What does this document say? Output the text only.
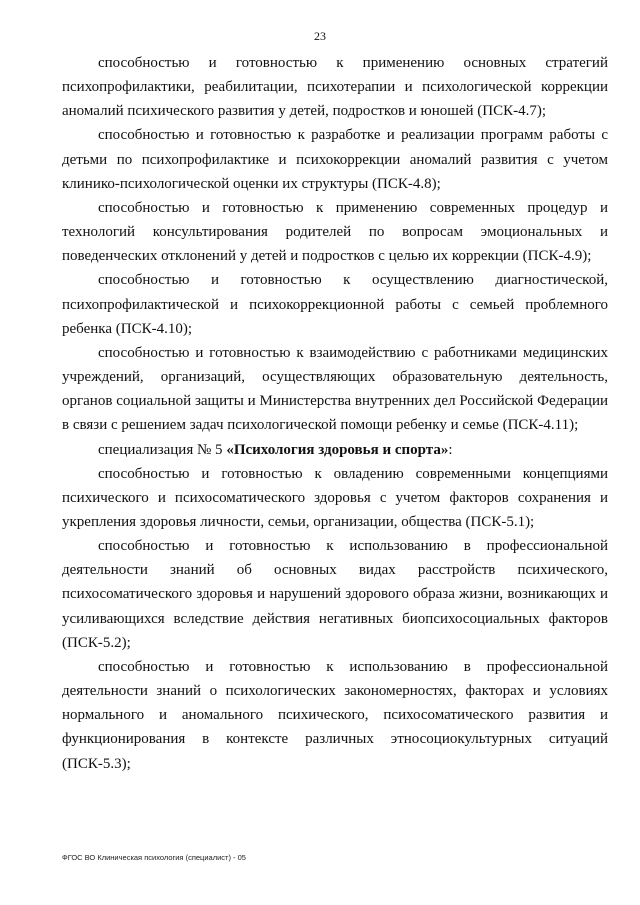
23

способностью и готовностью к применению основных стратегий психопрофилактики, реабилитации, психотерапии и психологической коррекции аномалий психического развития у детей, подростков и юношей (ПСК-4.7);

способностью и готовностью к разработке и реализации программ работы с детьми по психопрофилактике и психокоррекции аномалий развития с учетом клинико-психологической оценки их структуры (ПСК-4.8);

способностью и готовностью к применению современных процедур и технологий консультирования родителей по вопросам эмоциональных и поведенческих отклонений у детей и подростков с целью их коррекции (ПСК-4.9);

способностью и готовностью к осуществлению диагностической, психопрофилактической и психокоррекционной работы с семьей проблемного ребенка (ПСК-4.10);

способностью и готовностью к взаимодействию с работниками медицинских учреждений, организаций, осуществляющих образовательную деятельность, органов социальной защиты и Министерства внутренних дел Российской Федерации в связи с решением задач психологической помощи ребенку и семье (ПСК-4.11);

специализация № 5 «Психология здоровья и спорта»:

способностью и готовностью к овладению современными концепциями психического и психосоматического здоровья с учетом факторов сохранения и укрепления здоровья личности, семьи, организации, общества (ПСК-5.1);

способностью и готовностью к использованию в профессиональной деятельности знаний об основных видах расстройств психического, психосоматического здоровья и нарушений здорового образа жизни, возникающих и усиливающихся вследствие действия негативных биопсихосоциальных факторов (ПСК-5.2);

способностью и готовностью к использованию в профессиональной деятельности знаний о психологических закономерностях, факторах и условиях нормального и аномального психического, психосоматического развития и функционирования в контексте различных этносоциокультурных ситуаций (ПСК-5.3);

ФГОС ВО Клиническая психология (специалист) - 05
